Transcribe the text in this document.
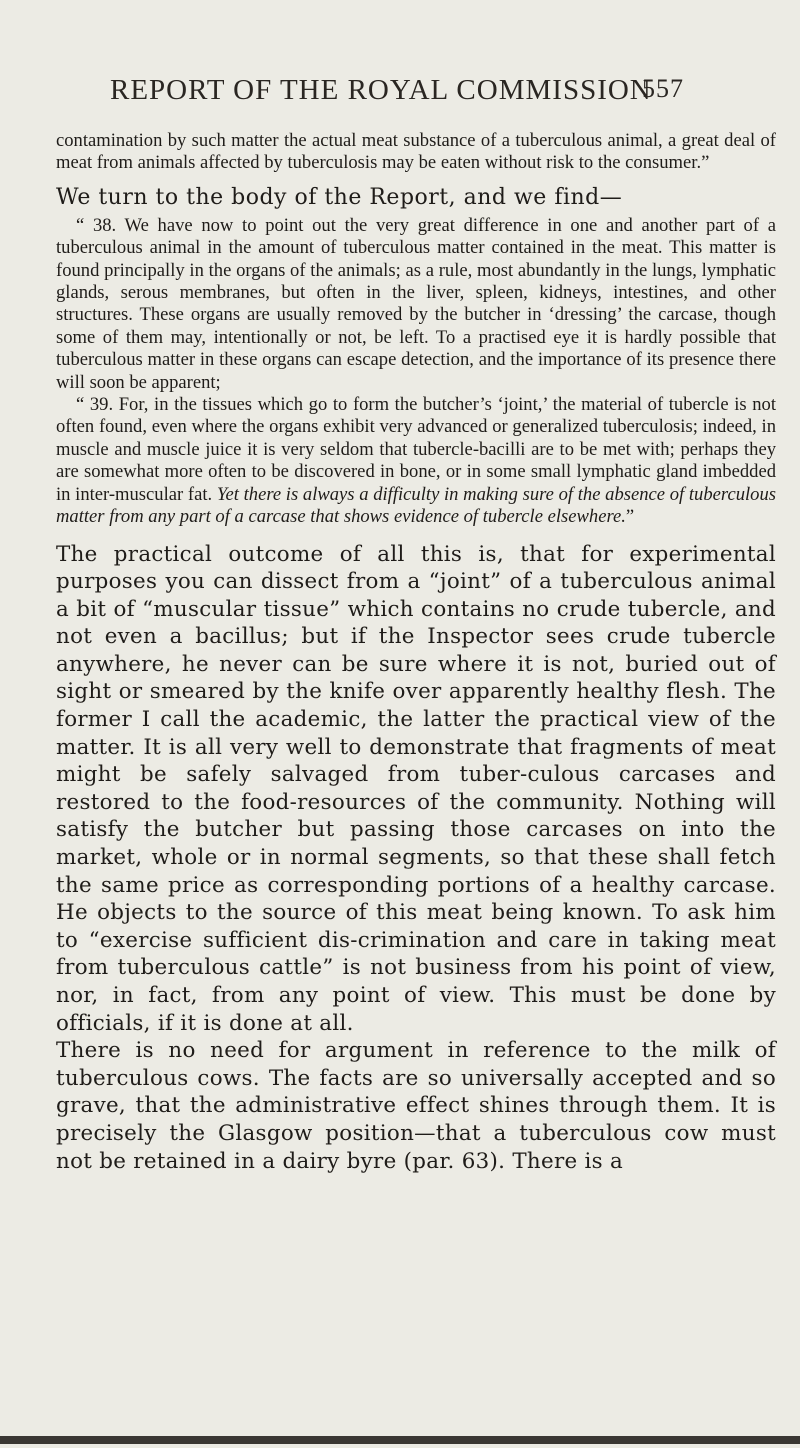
REPORT OF THE ROYAL COMMISSION
557

contamination by such matter the actual meat substance of a tuberculous animal, a great deal of meat from animals affected by tuberculosis may be eaten without risk to the consumer.”

We turn to the body of the Report, and we find—

“ 38. We have now to point out the very great difference in one and another part of a tuberculous animal in the amount of tuberculous matter contained in the meat. This matter is found principally in the organs of the animals; as a rule, most abundantly in the lungs, lymphatic glands, serous membranes, but often in the liver, spleen, kidneys, intestines, and other structures. These organs are usually removed by the butcher in ‘dressing’ the carcase, though some of them may, intentionally or not, be left. To a practised eye it is hardly possible that tuberculous matter in these organs can escape detection, and the importance of its presence there will soon be apparent;

“ 39. For, in the tissues which go to form the butcher’s ‘joint,’ the material of tubercle is not often found, even where the organs exhibit very advanced or generalized tuberculosis; indeed, in muscle and muscle juice it is very seldom that tubercle-bacilli are to be met with; perhaps they are somewhat more often to be discovered in bone, or in some small lymphatic gland imbedded in inter-muscular fat. Yet there is always a difficulty in making sure of the absence of tuberculous matter from any part of a carcase that shows evidence of tubercle elsewhere.”

The practical outcome of all this is, that for experimental purposes you can dissect from a “joint” of a tuberculous animal a bit of “muscular tissue” which contains no crude tubercle, and not even a bacillus; but if the Inspector sees crude tubercle anywhere, he never can be sure where it is not, buried out of sight or smeared by the knife over apparently healthy flesh. The former I call the academic, the latter the practical view of the matter. It is all very well to demonstrate that fragments of meat might be safely salvaged from tuber-culous carcases and restored to the food-resources of the community. Nothing will satisfy the butcher but passing those carcases on into the market, whole or in normal segments, so that these shall fetch the same price as corresponding portions of a healthy carcase. He objects to the source of this meat being known. To ask him to “exercise sufficient dis-crimination and care in taking meat from tuberculous cattle” is not business from his point of view, nor, in fact, from any point of view. This must be done by officials, if it is done at all.

There is no need for argument in reference to the milk of tuberculous cows. The facts are so universally accepted and so grave, that the administrative effect shines through them. It is precisely the Glasgow position—that a tuberculous cow must not be retained in a dairy byre (par. 63). There is a
